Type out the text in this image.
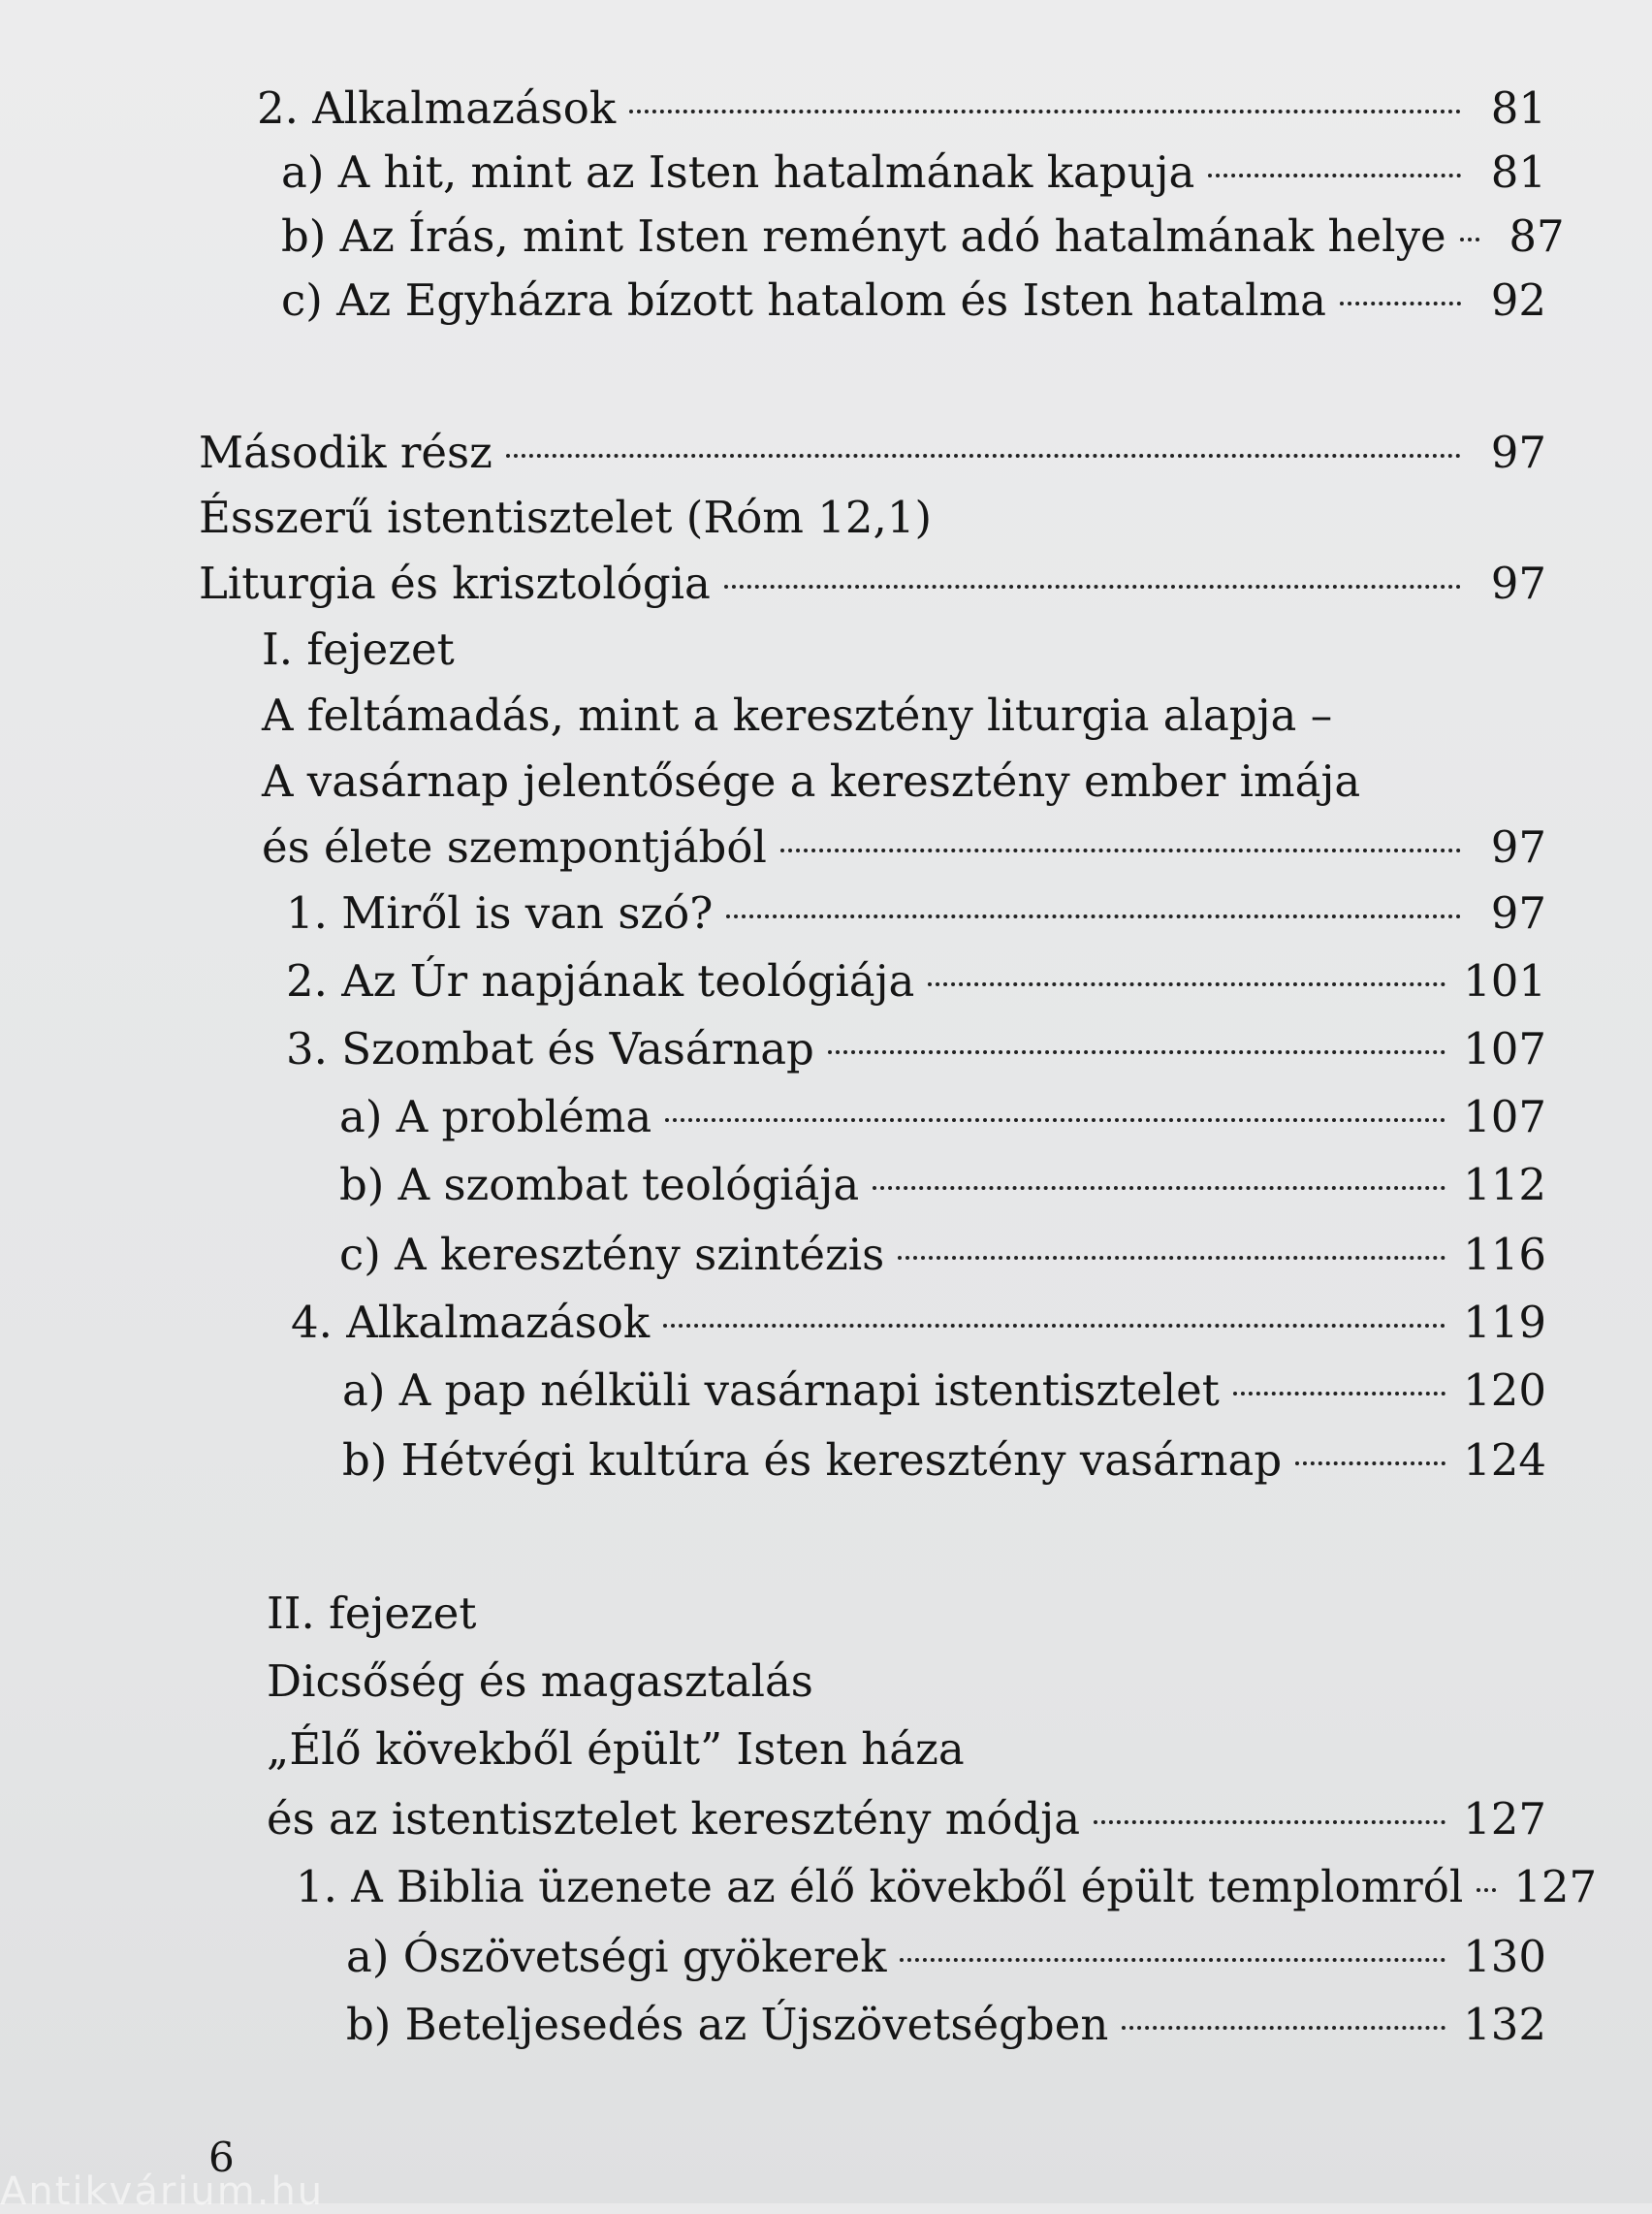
2. Alkalmazások	81
a) A hit, mint az Isten hatalmának kapuja	81
b) Az Írás, mint Isten reményt adó hatalmának helye 87
c) Az Egyházra bízott hatalom és Isten hatalma	92
Második rész	97
Ésszerű istentisztelet (Róm 12,1)
Liturgia és krisztológia	97
I. fejezet
A feltámadás, mint a keresztény liturgia alapja –
A vasárnap jelentősége a keresztény ember imája
és élete szempontjából	97
1. Miről is van szó?	97
2. Az Úr napjának teológiája	101
3. Szombat és Vasárnap	107
a) A probléma	107
b) A szombat teológiája	112
c) A keresztény szintézis	116
4. Alkalmazások	119
a) A pap nélküli vasárnapi istentisztelet	120
b) Hétvégi kultúra és keresztény vasárnap	124
II. fejezet
Dicsőség és magasztalás
„Élő kövekből épült” Isten háza
és az istentisztelet keresztény módja	127
1. A Biblia üzenete az élő kövekből épült templomról 127
a) Ószövetségi gyökerek	130
b) Beteljesedés az Újszövetségben	132
6
Antikvárium.hu
